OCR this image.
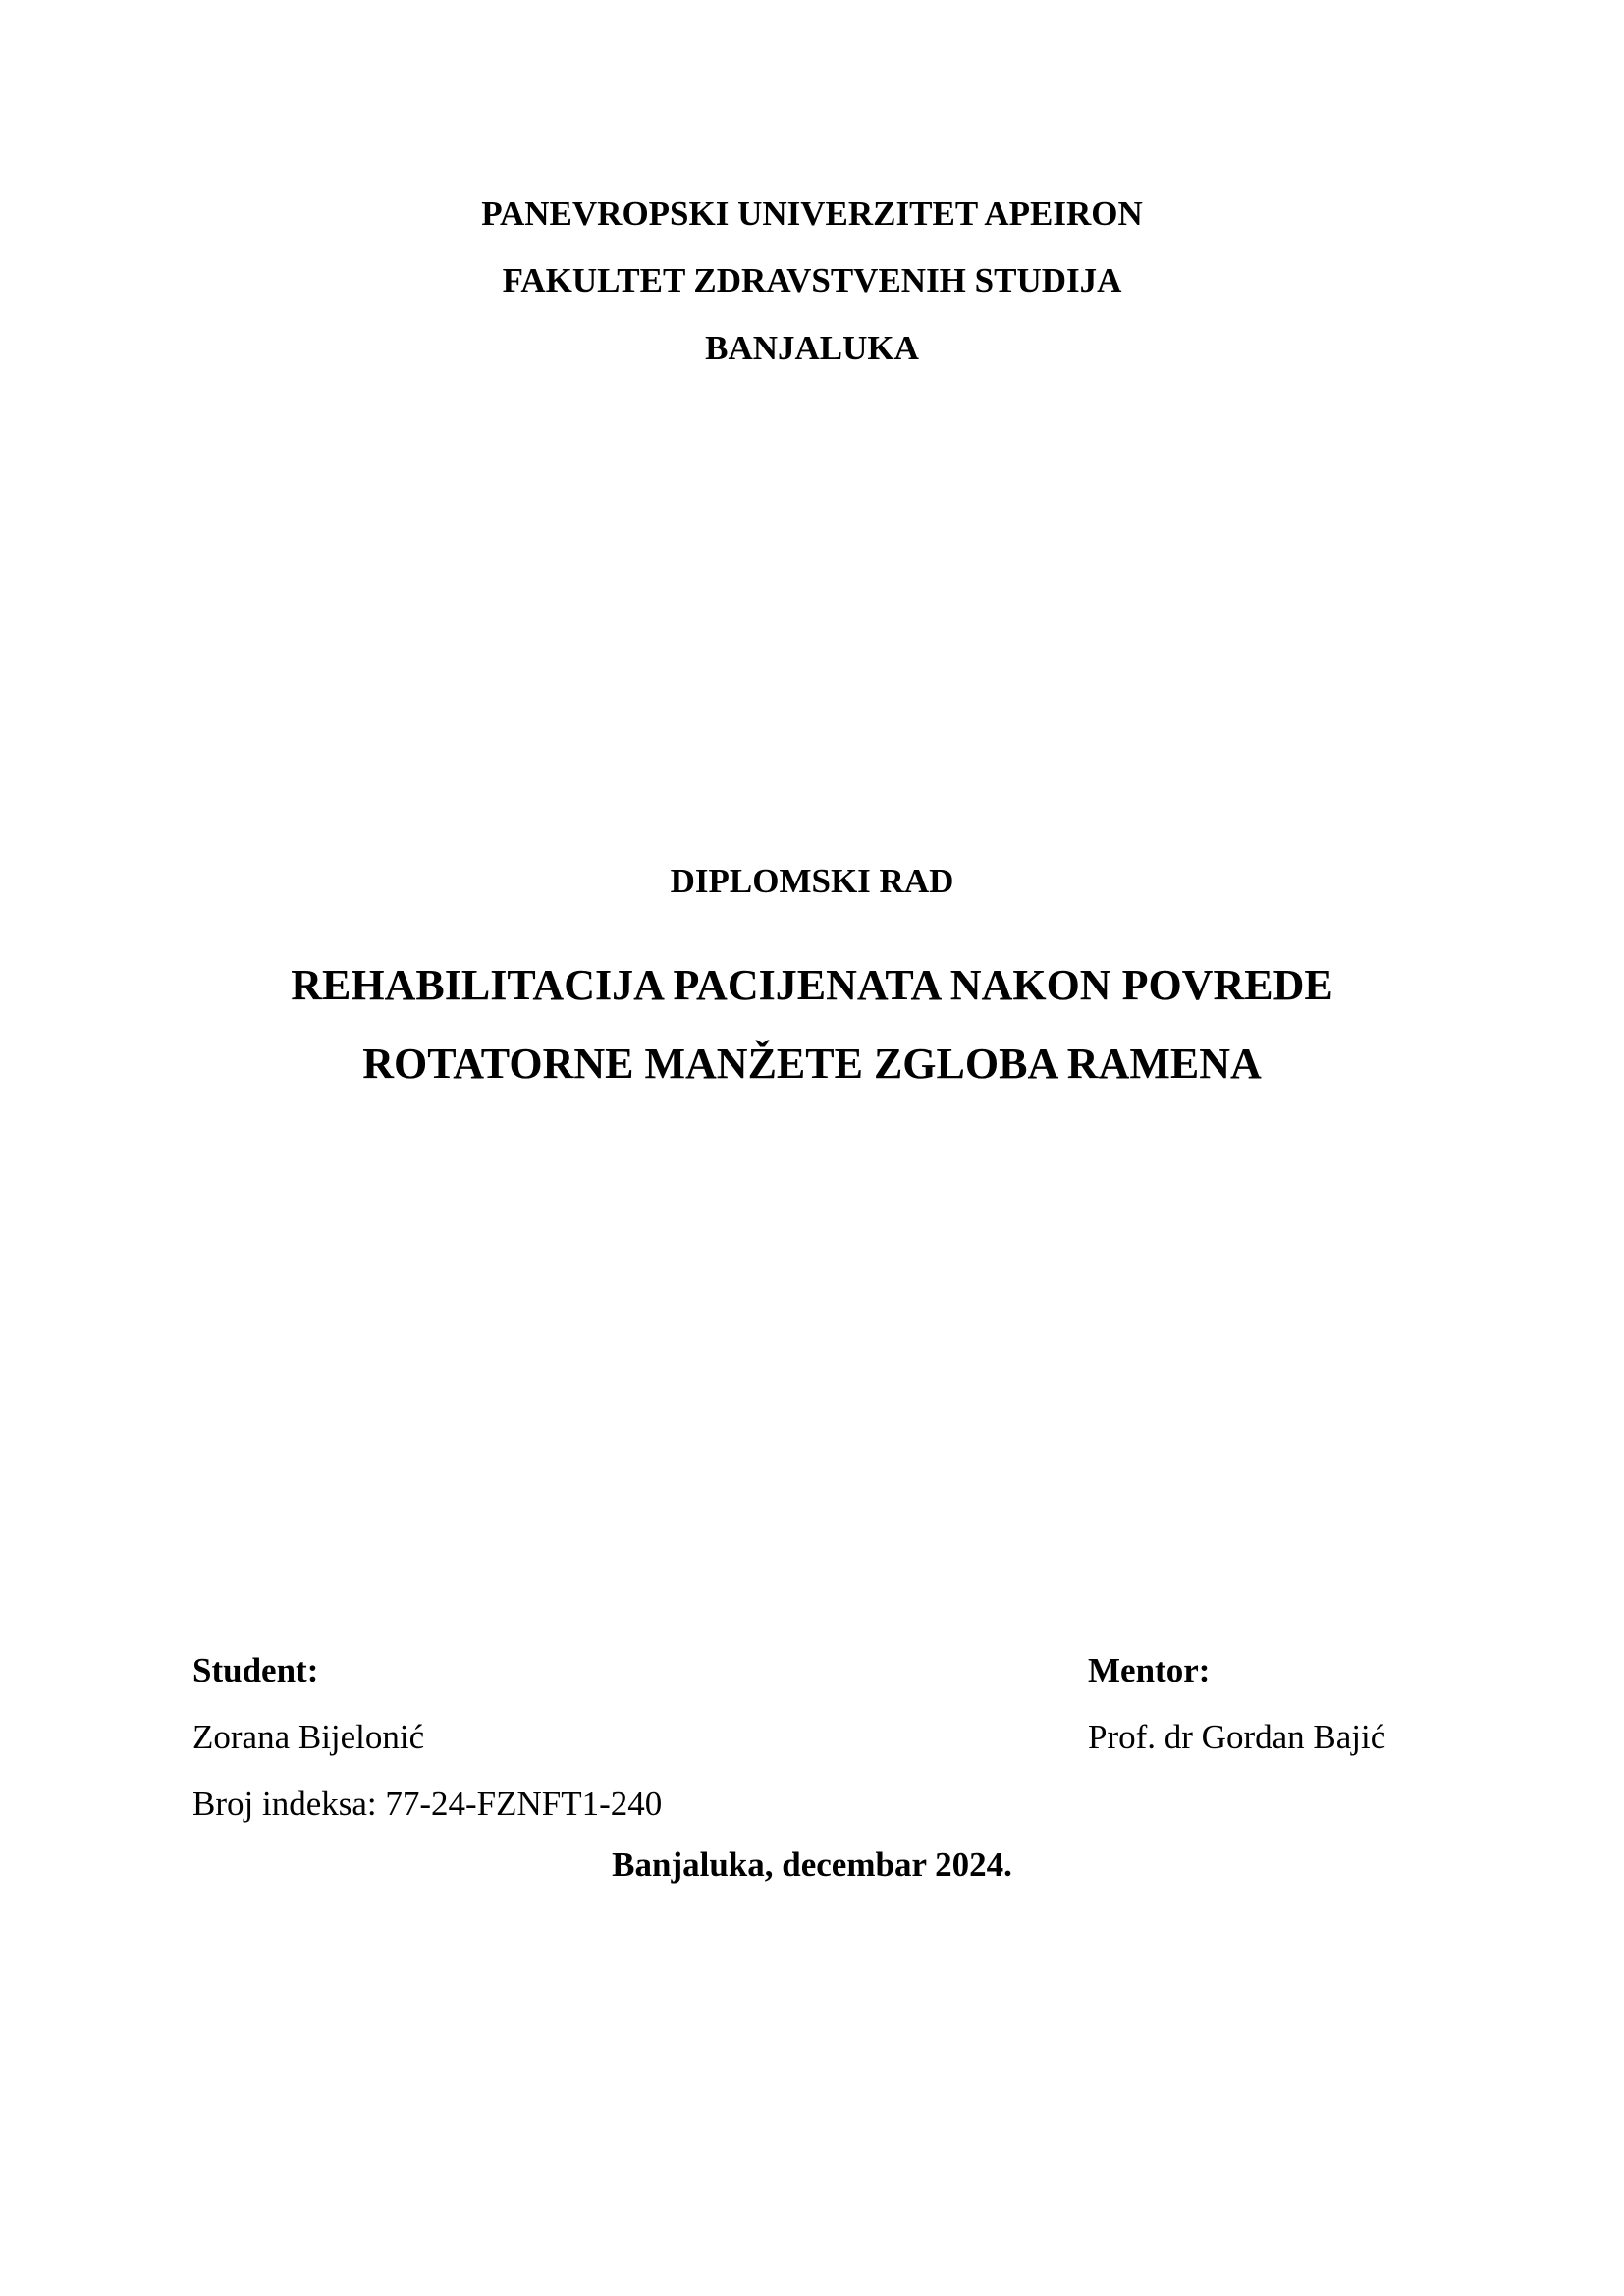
PANEVROPSKI UNIVERZITET APEIRON
FAKULTET ZDRAVSTVENIH STUDIJA
BANJALUKA
DIPLOMSKI RAD
REHABILITACIJA PACIJENATA NAKON POVREDE
ROTATORNE MANŽETE ZGLOBA RAMENA
Student:
Zorana Bijelonić
Broj indeksa: 77-24-FZNFT1-240
Mentor:
Prof. dr Gordan Bajić
Banjaluka, decembar 2024.
